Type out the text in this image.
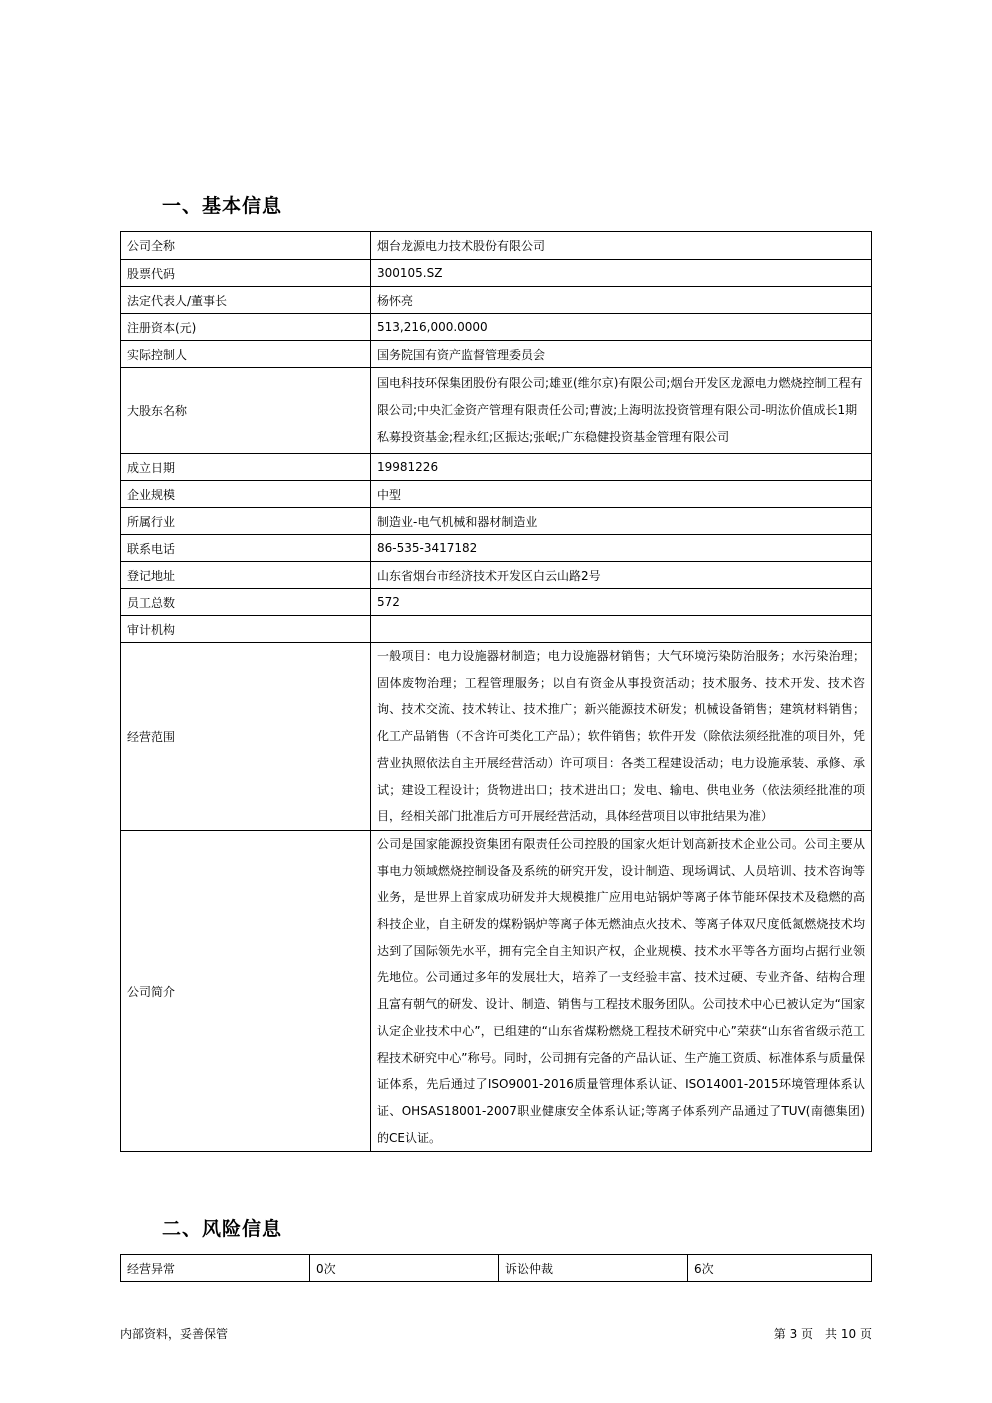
一、基本信息
公司全称	烟台龙源电力技术股份有限公司
股票代码	300105.SZ
法定代表人/董事长	杨怀亮
注册资本(元)	513,216,000.0000
实际控制人	国务院国有资产监督管理委员会
大股东名称	国电科技环保集团股份有限公司;雄亚(维尔京)有限公司;烟台开发区龙源电力燃烧控制工程有限公司;中央汇金资产管理有限责任公司;曹波;上海明汯投资管理有限公司-明汯价值成长1期私募投资基金;程永红;区振达;张岷;广东稳健投资基金管理有限公司
成立日期	19981226
企业规模	中型
所属行业	制造业-电气机械和器材制造业
联系电话	86-535-3417182
登记地址	山东省烟台市经济技术开发区白云山路2号
员工总数	572
审计机构	
经营范围	一般项目：电力设施器材制造；电力设施器材销售；大气环境污染防治服务；水污染治理；固体废物治理；工程管理服务；以自有资金从事投资活动；技术服务、技术开发、技术咨询、技术交流、技术转让、技术推广；新兴能源技术研发；机械设备销售；建筑材料销售；化工产品销售（不含许可类化工产品）；软件销售；软件开发（除依法须经批准的项目外，凭营业执照依法自主开展经营活动）许可项目：各类工程建设活动；电力设施承装、承修、承试；建设工程设计；货物进出口；技术进出口；发电、输电、供电业务（依法须经批准的项目，经相关部门批准后方可开展经营活动，具体经营项目以审批结果为准）
公司简介	公司是国家能源投资集团有限责任公司控股的国家火炬计划高新技术企业公司。公司主要从事电力领域燃烧控制设备及系统的研究开发，设计制造、现场调试、人员培训、技术咨询等业务，是世界上首家成功研发并大规模推广应用电站锅炉等离子体节能环保技术及稳燃的高科技企业，自主研发的煤粉锅炉等离子体无燃油点火技术、等离子体双尺度低氮燃烧技术均达到了国际领先水平，拥有完全自主知识产权，企业规模、技术水平等各方面均占据行业领先地位。公司通过多年的发展壮大，培养了一支经验丰富、技术过硬、专业齐备、结构合理且富有朝气的研发、设计、制造、销售与工程技术服务团队。公司技术中心已被认定为“国家认定企业技术中心”，已组建的“山东省煤粉燃烧工程技术研究中心”荣获“山东省省级示范工程技术研究中心”称号。同时，公司拥有完备的产品认证、生产施工资质、标准体系与质量保证体系，先后通过了ISO9001-2016质量管理体系认证、ISO14001-2015环境管理体系认证、OHSAS18001-2007职业健康安全体系认证;等离子体系列产品通过了TUV(南德集团)的CE认证。
二、风险信息
经营异常	0次	诉讼仲裁	6次
内部资料，妥善保管	第 3 页　共 10 页
